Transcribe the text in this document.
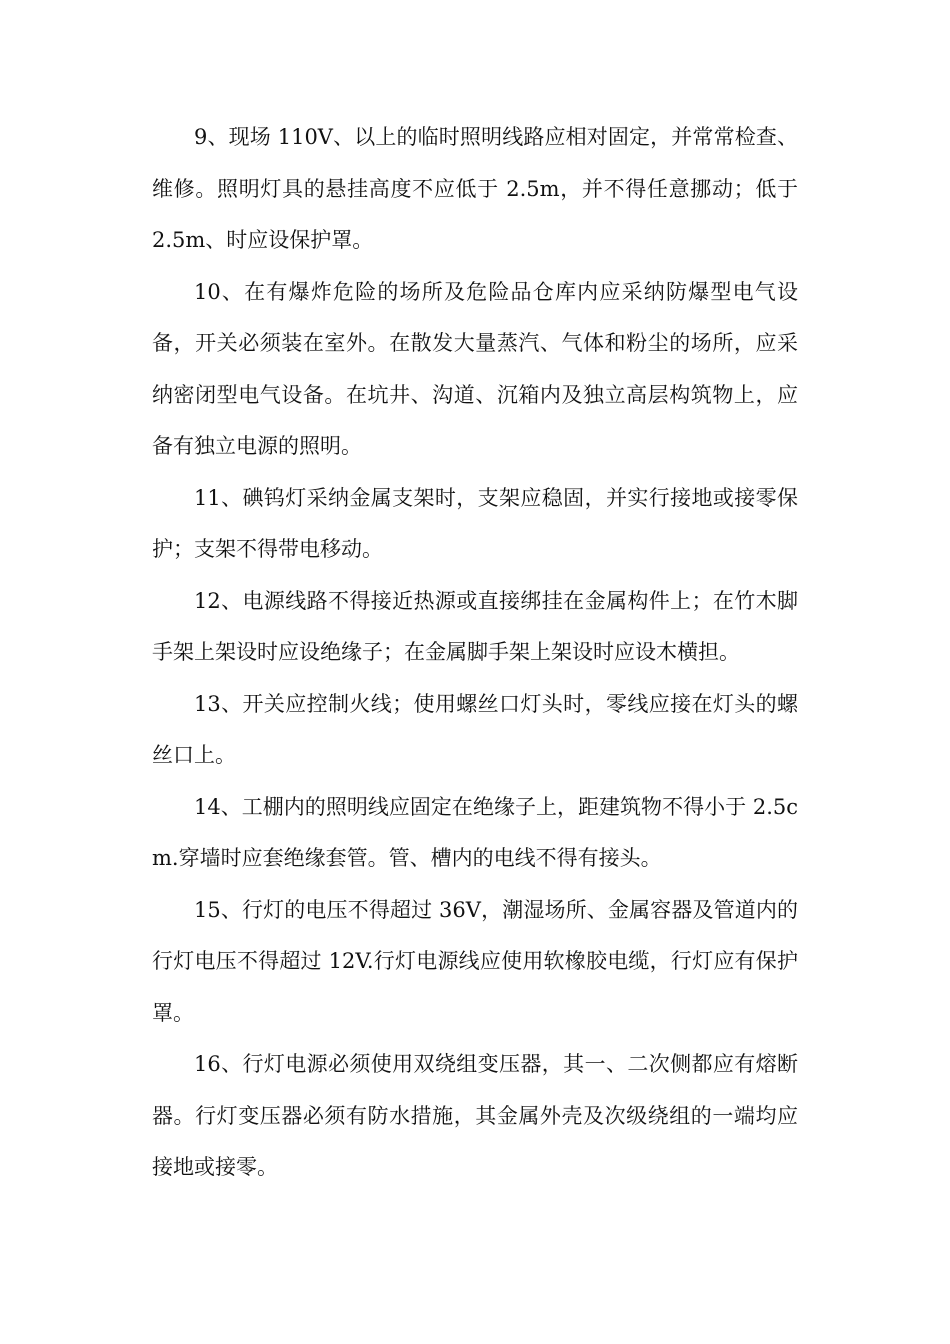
9、现场 110V、以上的临时照明线路应相对固定，并常常检查、维修。照明灯具的悬挂高度不应低于 2.5m，并不得任意挪动；低于 2.5m、时应设保护罩。

10、在有爆炸危险的场所及危险品仓库内应采纳防爆型电气设备，开关必须装在室外。在散发大量蒸汽、气体和粉尘的场所，应采纳密闭型电气设备。在坑井、沟道、沉箱内及独立高层构筑物上，应备有独立电源的照明。

11、碘钨灯采纳金属支架时，支架应稳固，并实行接地或接零保护；支架不得带电移动。

12、电源线路不得接近热源或直接绑挂在金属构件上；在竹木脚手架上架设时应设绝缘子；在金属脚手架上架设时应设木横担。

13、开关应控制火线；使用螺丝口灯头时，零线应接在灯头的螺丝口上。

14、工棚内的照明线应固定在绝缘子上，距建筑物不得小于 2.5cm.穿墙时应套绝缘套管。管、槽内的电线不得有接头。

15、行灯的电压不得超过 36V，潮湿场所、金属容器及管道内的行灯电压不得超过 12V.行灯电源线应使用软橡胶电缆，行灯应有保护罩。

16、行灯电源必须使用双绕组变压器，其一、二次侧都应有熔断器。行灯变压器必须有防水措施，其金属外壳及次级绕组的一端均应接地或接零。
